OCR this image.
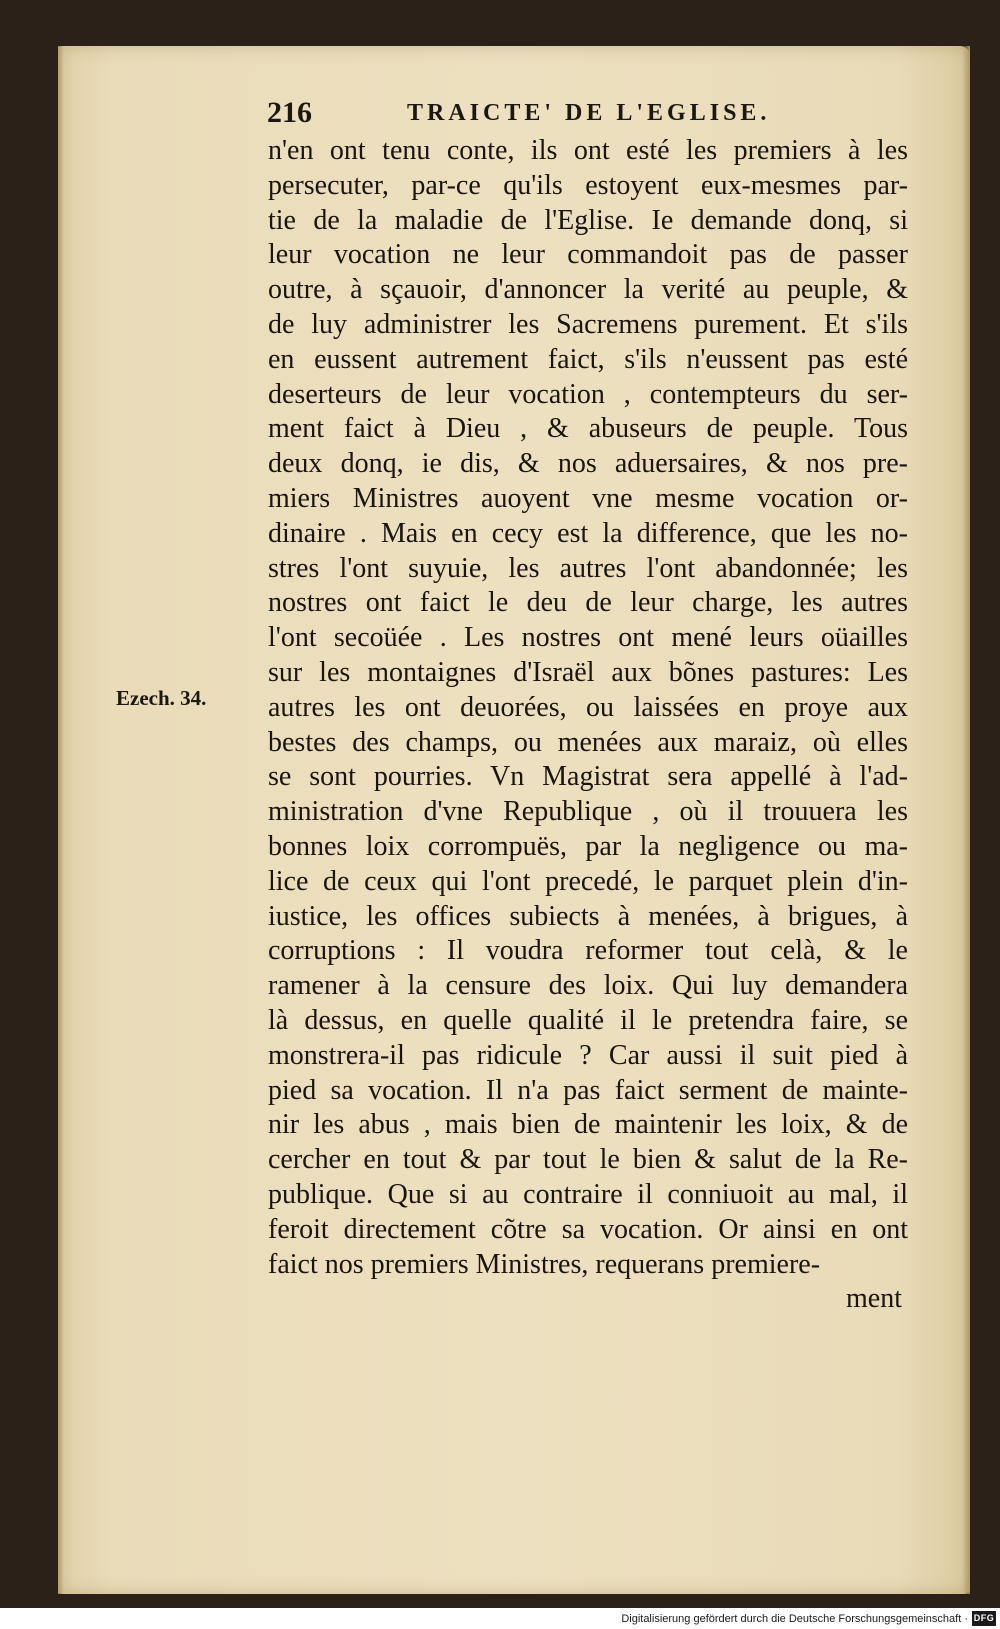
216	TRAICTE' DE L'EGLISE.
Ezech. 34.
n'en ont tenu conte, ils ont esté les premiers à les
persecuter, par-ce qu'ils estoyent eux-mesmes par-
tie de la maladie de l'Eglise. Ie demande donq, si
leur vocation ne leur commandoit pas de passer
outre, à sçauoir, d'annoncer la verité au peuple, &
de luy administrer les Sacremens purement. Et s'ils
en eussent autrement faict, s'ils n'eussent pas esté
deserteurs de leur vocation , contempteurs du ser-
ment faict à Dieu , & abuseurs de peuple. Tous
deux donq, ie dis, & nos aduersaires, & nos pre-
miers Ministres auoyent vne mesme vocation or-
dinaire . Mais en cecy est la difference, que les no-
stres l'ont suyuie, les autres l'ont abandonnée; les
nostres ont faict le deu de leur charge, les autres
l'ont secoüée . Les nostres ont mené leurs oüailles
sur les montaignes d'Israël aux bõnes pastures: Les
autres les ont deuorées, ou laissées en proye aux
bestes des champs, ou menées aux maraiz, où elles
se sont pourries. Vn Magistrat sera appellé à l'ad-
ministration d'vne Republique , où il trouuera les
bonnes loix corrompuës, par la negligence ou ma-
lice de ceux qui l'ont precedé, le parquet plein d'in-
iustice, les offices subiects à menées, à brigues, à
corruptions : Il voudra reformer tout celà, & le
ramener à la censure des loix. Qui luy demandera
là dessus, en quelle qualité il le pretendra faire, se
monstrera-il pas ridicule ? Car aussi il suit pied à
pied sa vocation. Il n'a pas faict serment de mainte-
nir les abus , mais bien de maintenir les loix, & de
cercher en tout & par tout le bien & salut de la Re-
publique. Que si au contraire il conniuoit au mal, il
feroit directement cõtre sa vocation. Or ainsi en ont
faict nos premiers Ministres, requerans premiere-
ment
Digitalisierung gefördert durch die Deutsche Forschungsgemeinschaft · DFG
